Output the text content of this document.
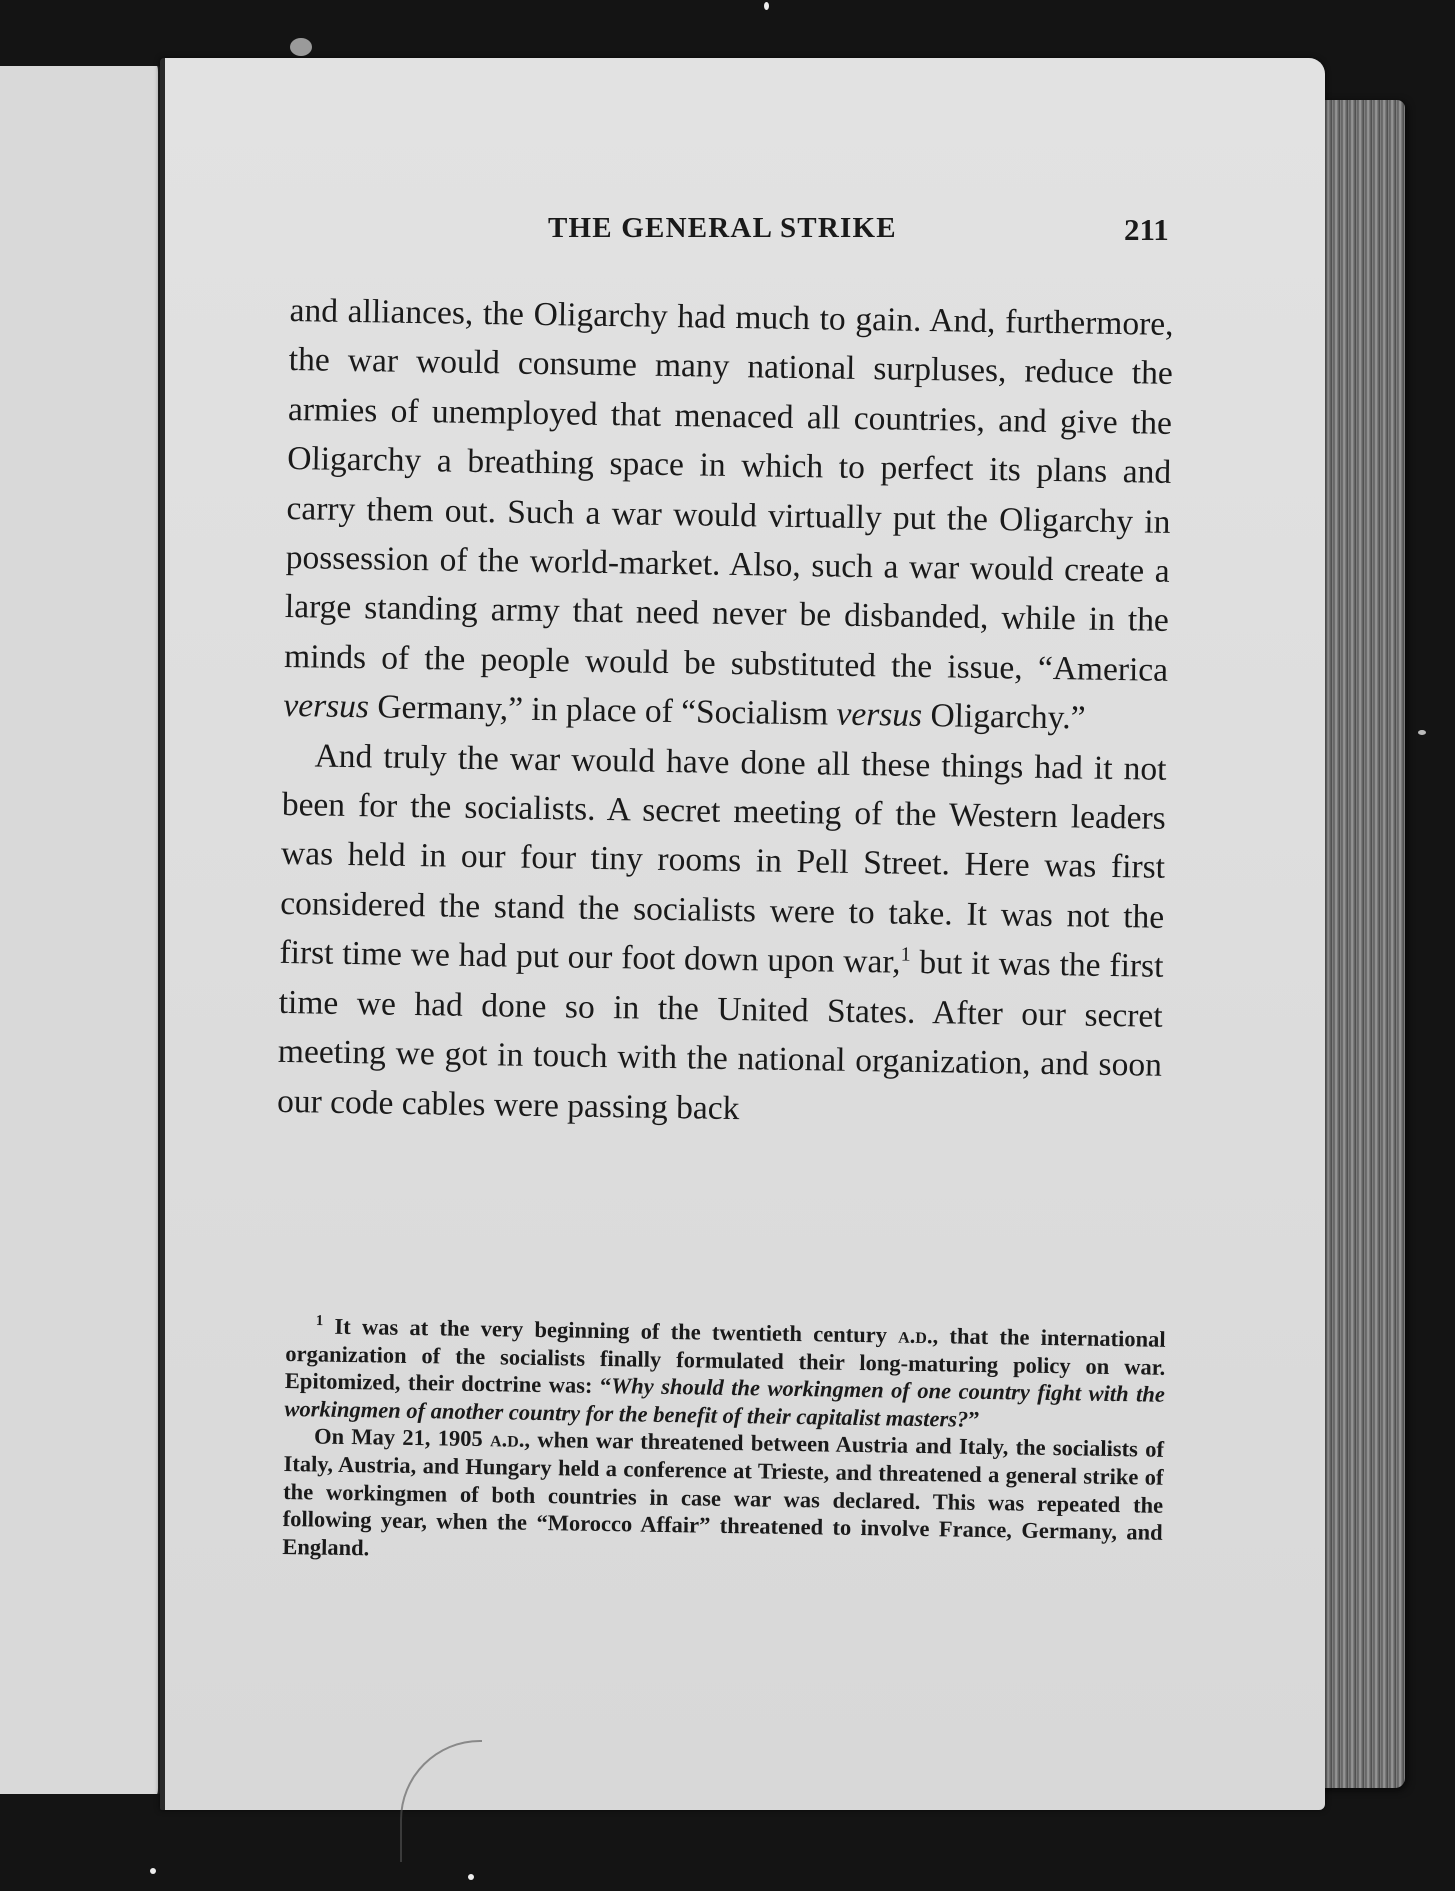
THE GENERAL STRIKE	211

and alliances, the Oligarchy had much to gain. And, furthermore, the war would consume many national surpluses, reduce the armies of unemployed that menaced all countries, and give the Oligarchy a breathing space in which to perfect its plans and carry them out. Such a war would virtually put the Oligarchy in possession of the world-market. Also, such a war would create a large standing army that need never be disbanded, while in the minds of the people would be substituted the issue, “America versus Germany,” in place of “Socialism versus Oligarchy.”

And truly the war would have done all these things had it not been for the socialists. A secret meeting of the Western leaders was held in our four tiny rooms in Pell Street. Here was first considered the stand the socialists were to take. It was not the first time we had put our foot down upon war,$^1$ but it was the first time we had done so in the United States. After our secret meeting we got in touch with the national organization, and soon our code cables were passing back

$^1$ It was at the very beginning of the twentieth century a.d., that the international organization of the socialists finally formulated their long-maturing policy on war. Epitomized, their doctrine was: “Why should the workingmen of one country fight with the workingmen of another country for the benefit of their capitalist masters?”

On May 21, 1905 a.d., when war threatened between Austria and Italy, the socialists of Italy, Austria, and Hungary held a conference at Trieste, and threatened a general strike of the workingmen of both countries in case war was declared. This was repeated the following year, when the “Morocco Affair” threatened to involve France, Germany, and England.
